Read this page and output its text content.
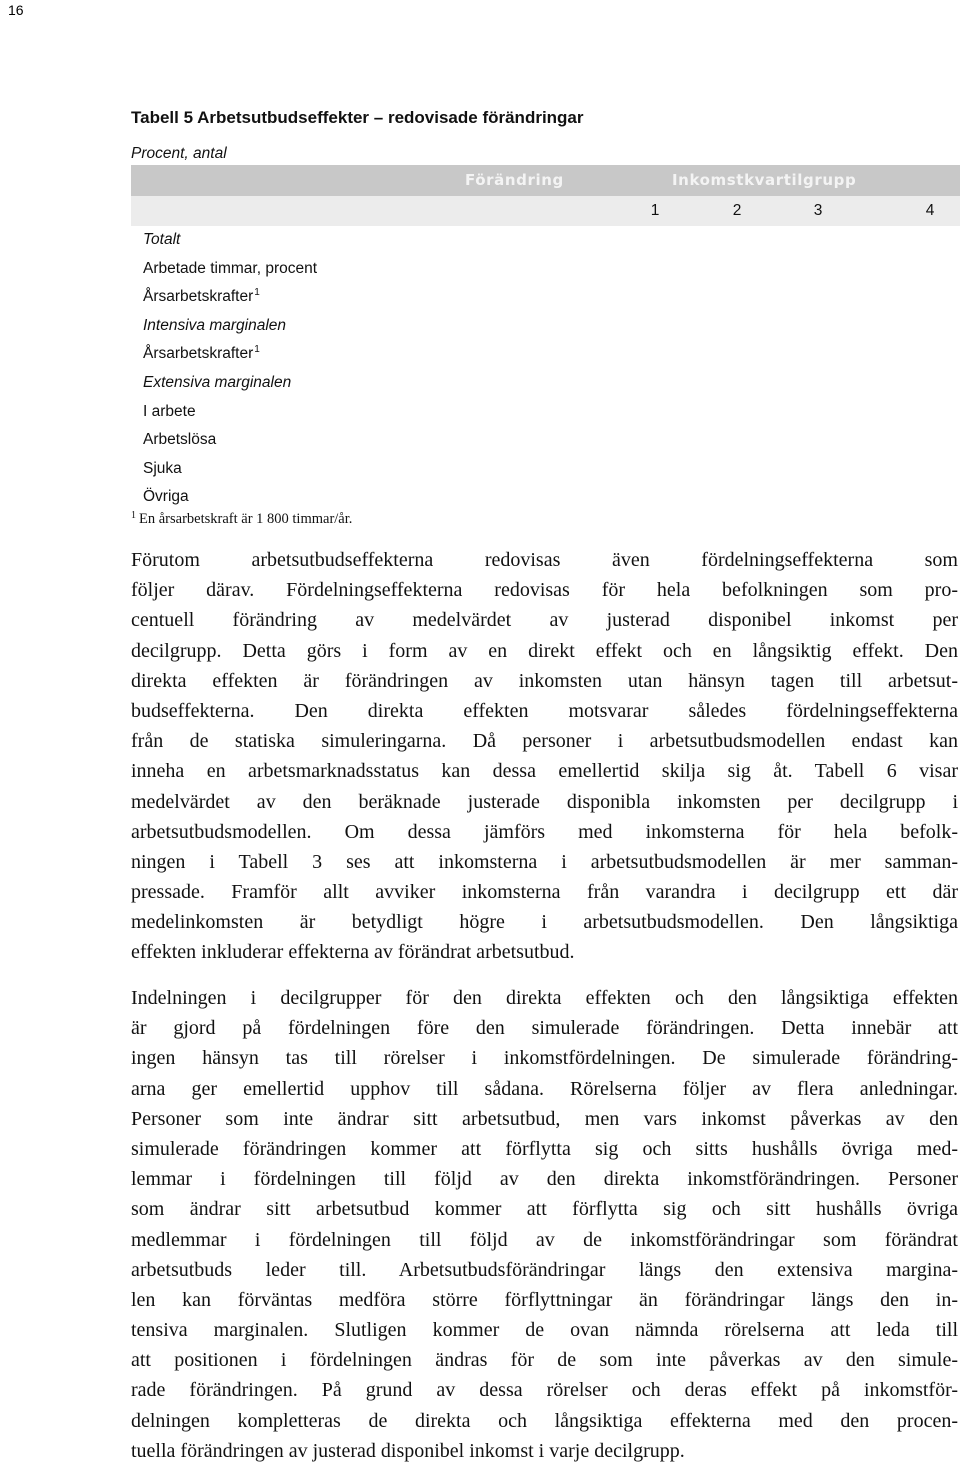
16
Tabell 5 Arbetsutbudseffekter – redovisade förändringar
Procent, antal
Förändring	Inkomstkvartilgrupp
1	2	3	4
Totalt
Arbetade timmar, procent
Årsarbetskrafter$^1$
Intensiva marginalen
Årsarbetskrafter$^1$
Extensiva marginalen
I arbete
Arbetslösa
Sjuka
Övriga
$^1$ En årsarbetskraft är 1 800 timmar/år.
Förutom arbetsutbudseffekterna redovisas även fördelningseffekterna som
följer därav. Fördelningseffekterna redovisas för hela befolkningen som pro-
centuell förändring av medelvärdet av justerad disponibel inkomst per
decilgrupp. Detta görs i form av en direkt effekt och en långsiktig effekt. Den
direkta effekten är förändringen av inkomsten utan hänsyn tagen till arbetsut-
budseffekterna. Den direkta effekten motsvarar således fördelningseffekterna
från de statiska simuleringarna. Då personer i arbetsutbudsmodellen endast kan
inneha en arbetsmarknadsstatus kan dessa emellertid skilja sig åt. Tabell 6 visar
medelvärdet av den beräknade justerade disponibla inkomsten per decilgrupp i
arbetsutbudsmodellen. Om dessa jämförs med inkomsterna för hela befolk-
ningen i Tabell 3 ses att inkomsterna i arbetsutbudsmodellen är mer samman-
pressade. Framför allt avviker inkomsterna från varandra i decilgrupp ett där
medelinkomsten är betydligt högre i arbetsutbudsmodellen. Den långsiktiga
effekten inkluderar effekterna av förändrat arbetsutbud.
Indelningen i decilgrupper för den direkta effekten och den långsiktiga effekten
är gjord på fördelningen före den simulerade förändringen. Detta innebär att
ingen hänsyn tas till rörelser i inkomstfördelningen. De simulerade förändring-
arna ger emellertid upphov till sådana. Rörelserna följer av flera anledningar.
Personer som inte ändrar sitt arbetsutbud, men vars inkomst påverkas av den
simulerade förändringen kommer att förflytta sig och sitts hushålls övriga med-
lemmar i fördelningen till följd av den direkta inkomstförändringen. Personer
som ändrar sitt arbetsutbud kommer att förflytta sig och sitt hushålls övriga
medlemmar i fördelningen till följd av de inkomstförändringar som förändrat
arbetsutbuds leder till. Arbetsutbudsförändringar längs den extensiva margina-
len kan förväntas medföra större förflyttningar än förändringar längs den in-
tensiva marginalen. Slutligen kommer de ovan nämnda rörelserna att leda till
att positionen i fördelningen ändras för de som inte påverkas av den simule-
rade förändringen. På grund av dessa rörelser och deras effekt på inkomstför-
delningen kompletteras de direkta och långsiktiga effekterna med den procen-
tuella förändringen av justerad disponibel inkomst i varje decilgrupp.
